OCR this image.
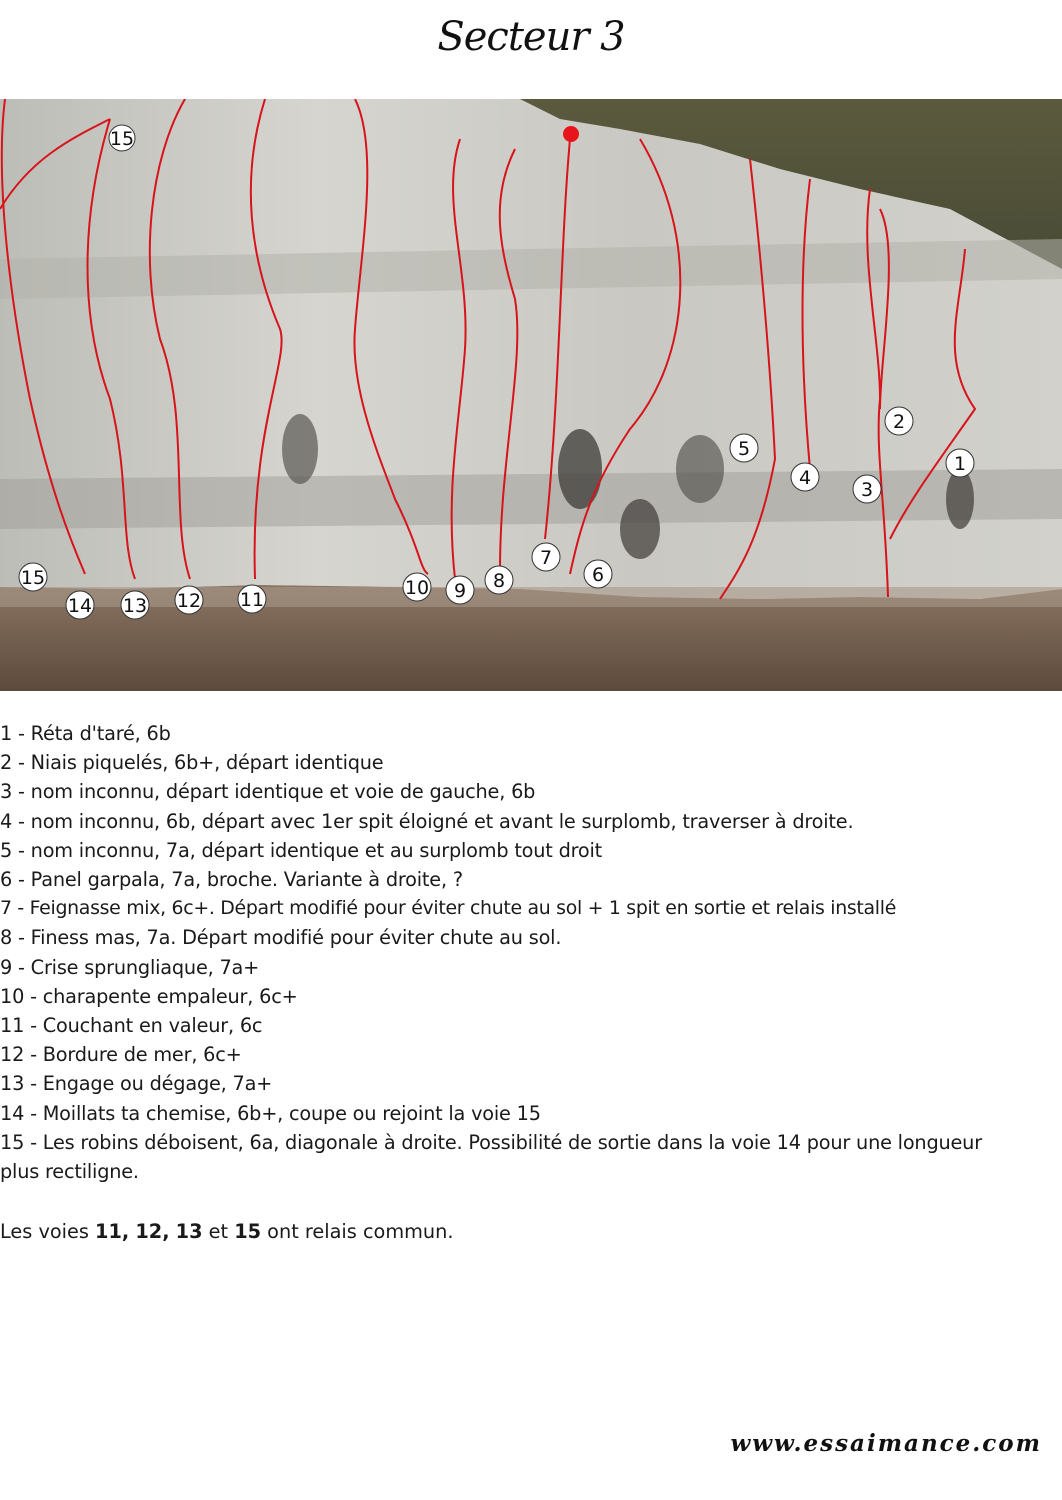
Secteur 3
15
15
14 13 12 11
10 9 8
7
6
5
4
3
2
1
1 - Réta d'taré, 6b
2 - Niais piquelés, 6b+, départ identique
3 - nom inconnu, départ identique et voie de gauche, 6b
4 - nom inconnu, 6b, départ avec 1er spit éloigné et avant le surplomb, traverser à droite.
5 - nom inconnu, 7a, départ identique et au surplomb tout droit
6 - Panel garpala, 7a, broche. Variante à droite, ?
7 - Feignasse mix, 6c+. Départ modifié pour éviter chute au sol + 1 spit en sortie et relais installé
8 - Finess mas, 7a. Départ modifié pour éviter chute au sol.
9 - Crise sprungliaque, 7a+
10 - charapente empaleur, 6c+
11 - Couchant en valeur, 6c
12 - Bordure de mer, 6c+
13 - Engage ou dégage, 7a+
14 - Moillats ta chemise, 6b+, coupe ou rejoint la voie 15
15 - Les robins déboisent, 6a, diagonale à droite. Possibilité de sortie dans la voie 14 pour une longueur plus rectiligne.
Les voies 11, 12, 13 et 15 ont relais commun.
www.essaimance.com
